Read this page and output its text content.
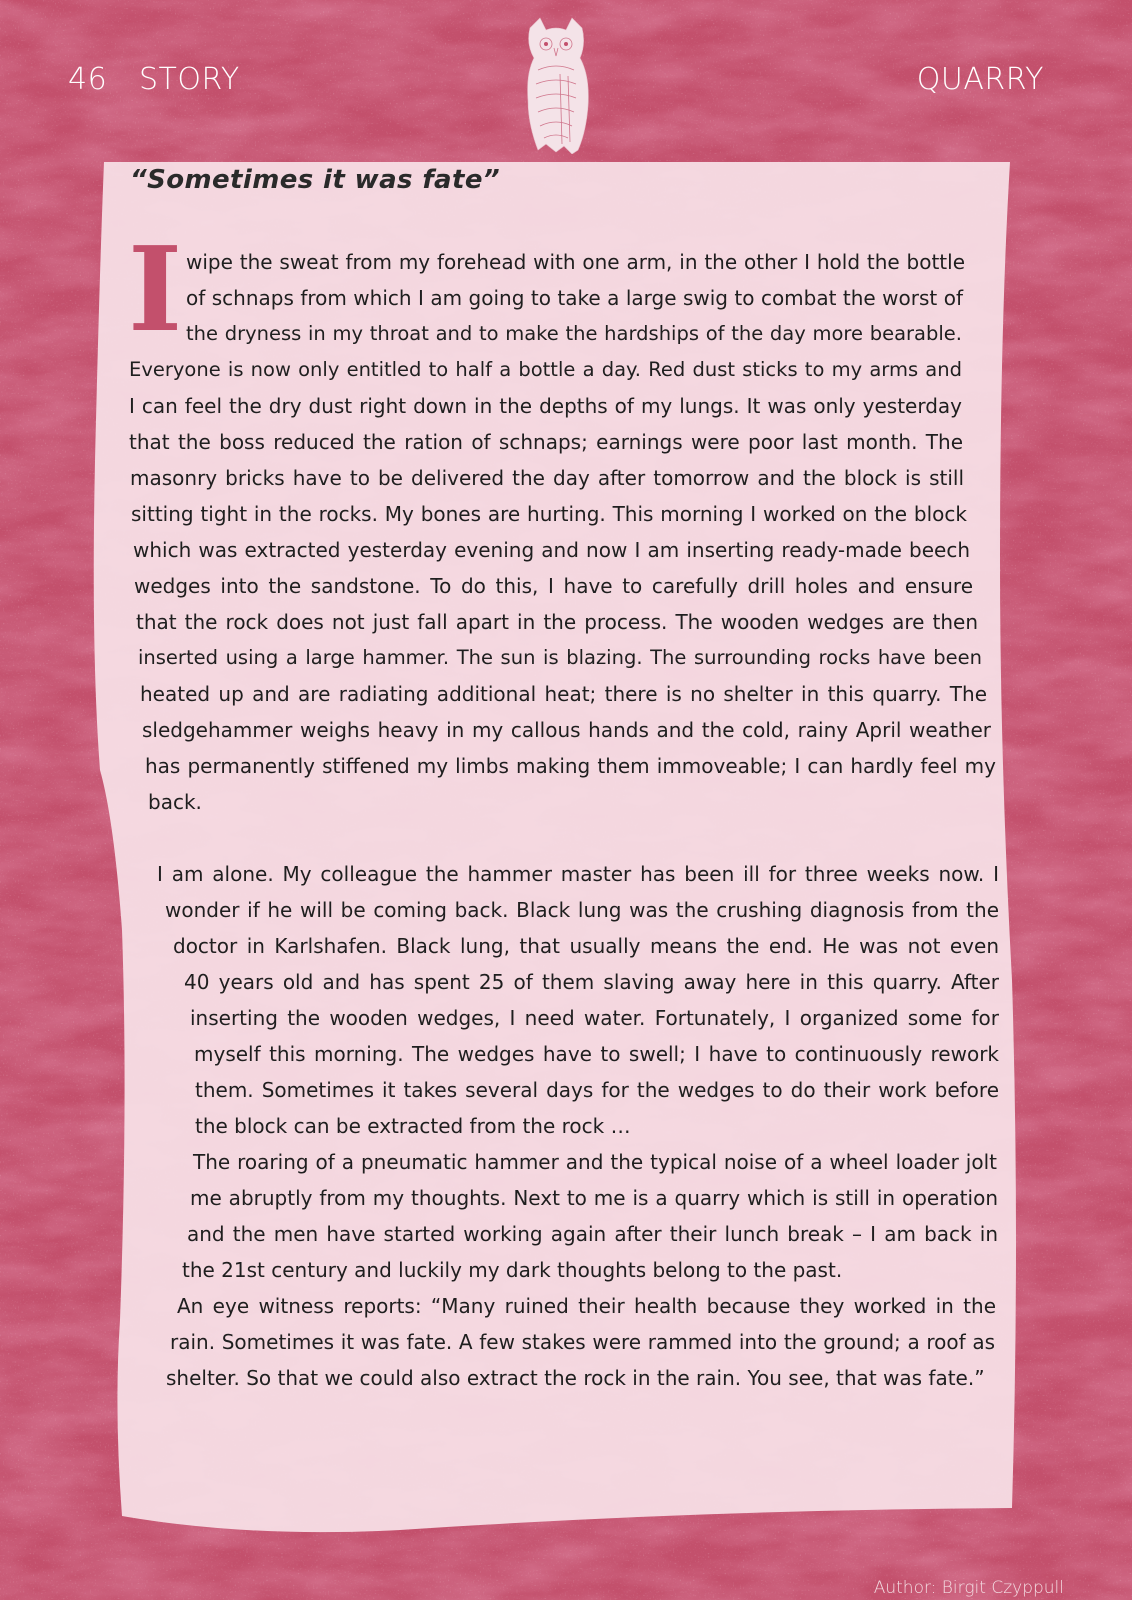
46 STORY	QUARRY
“Sometimes it was fate”
I wipe the sweat from my forehead with one arm, in the other I hold the bottle
of schnaps from which I am going to take a large swig to combat the worst of
the dryness in my throat and to make the hardships of the day more bearable.
Everyone is now only entitled to half a bottle a day. Red dust sticks to my arms and
I can feel the dry dust right down in the depths of my lungs. It was only yesterday
that the boss reduced the ration of schnaps; earnings were poor last month. The
masonry bricks have to be delivered the day after tomorrow and the block is still
sitting tight in the rocks. My bones are hurting. This morning I worked on the block
which was extracted yesterday evening and now I am inserting ready-made beech
wedges into the sandstone. To do this, I have to carefully drill holes and ensure
that the rock does not just fall apart in the process. The wooden wedges are then
inserted using a large hammer. The sun is blazing. The surrounding rocks have been
heated up and are radiating additional heat; there is no shelter in this quarry. The
sledgehammer weighs heavy in my callous hands and the cold, rainy April weather
has permanently stiffened my limbs making them immoveable; I can hardly feel my
back.
I am alone. My colleague the hammer master has been ill for three weeks now. I
wonder if he will be coming back. Black lung was the crushing diagnosis from the
doctor in Karlshafen. Black lung, that usually means the end. He was not even
40 years old and has spent 25 of them slaving away here in this quarry. After
inserting the wooden wedges, I need water. Fortunately, I organized some for
myself this morning. The wedges have to swell; I have to continuously rework
them. Sometimes it takes several days for the wedges to do their work before
the block can be extracted from the rock …
The roaring of a pneumatic hammer and the typical noise of a wheel loader jolt
me abruptly from my thoughts. Next to me is a quarry which is still in operation
and the men have started working again after their lunch break – I am back in
the 21st century and luckily my dark thoughts belong to the past.
An eye witness reports: “Many ruined their health because they worked in the
rain. Sometimes it was fate. A few stakes were rammed into the ground; a roof as
shelter. So that we could also extract the rock in the rain. You see, that was fate.”
Author: Birgit Czyppull
